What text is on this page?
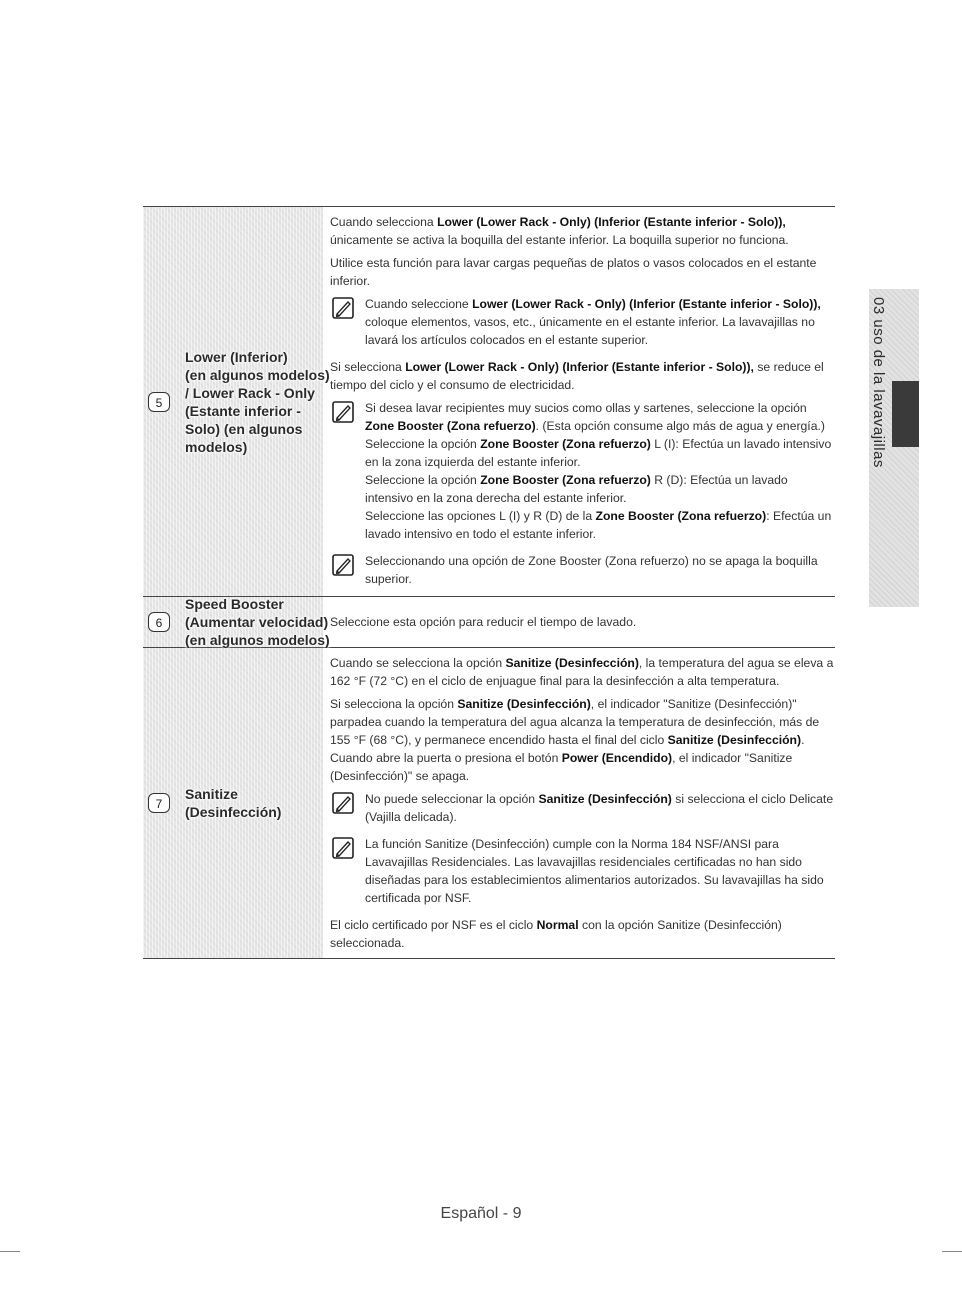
5
Lower (Inferior)
(en algunos modelos)
/ Lower Rack - Only
(Estante inferior -
Solo) (en algunos
modelos)

Cuando selecciona Lower (Lower Rack - Only) (Inferior (Estante inferior - Solo)), únicamente se activa la boquilla del estante inferior. La boquilla superior no funciona.

Utilice esta función para lavar cargas pequeñas de platos o vasos colocados en el estante inferior.

Cuando seleccione Lower (Lower Rack - Only) (Inferior (Estante inferior - Solo)), coloque elementos, vasos, etc., únicamente en el estante inferior. La lavavajillas no lavará los artículos colocados en el estante superior.

Si selecciona Lower (Lower Rack - Only) (Inferior (Estante inferior - Solo)), se reduce el tiempo del ciclo y el consumo de electricidad.

Si desea lavar recipientes muy sucios como ollas y sartenes, seleccione la opción Zone Booster (Zona refuerzo). (Esta opción consume algo más de agua y energía.)

Seleccione la opción Zone Booster (Zona refuerzo) L (I): Efectúa un lavado intensivo en la zona izquierda del estante inferior.

Seleccione la opción Zone Booster (Zona refuerzo) R (D): Efectúa un lavado intensivo en la zona derecha del estante inferior.

Seleccione las opciones L (I) y R (D) de la Zone Booster (Zona refuerzo): Efectúa un lavado intensivo en todo el estante inferior.

Seleccionando una opción de Zone Booster (Zona refuerzo) no se apaga la boquilla superior.

6
Speed Booster
(Aumentar velocidad)
(en algunos modelos)

Seleccione esta opción para reducir el tiempo de lavado.

7
Sanitize
(Desinfección)

Cuando se selecciona la opción Sanitize (Desinfección), la temperatura del agua se eleva a 162 °F (72 °C) en el ciclo de enjuague final para la desinfección a alta temperatura.

Si selecciona la opción Sanitize (Desinfección), el indicador "Sanitize (Desinfección)" parpadea cuando la temperatura del agua alcanza la temperatura de desinfección, más de 155 °F (68 °C), y permanece encendido hasta el final del ciclo Sanitize (Desinfección). Cuando abre la puerta o presiona el botón Power (Encendido), el indicador "Sanitize (Desinfección)" se apaga.

No puede seleccionar la opción Sanitize (Desinfección) si selecciona el ciclo Delicate (Vajilla delicada).

La función Sanitize (Desinfección) cumple con la Norma 184 NSF/ANSI para Lavavajillas Residenciales. Las lavavajillas residenciales certificadas no han sido diseñadas para los establecimientos alimentarios autorizados. Su lavavajillas ha sido certificada por NSF.

El ciclo certificado por NSF es el ciclo Normal con la opción Sanitize (Desinfección) seleccionada.

03 uso de la lavavajillas
Español - 9
